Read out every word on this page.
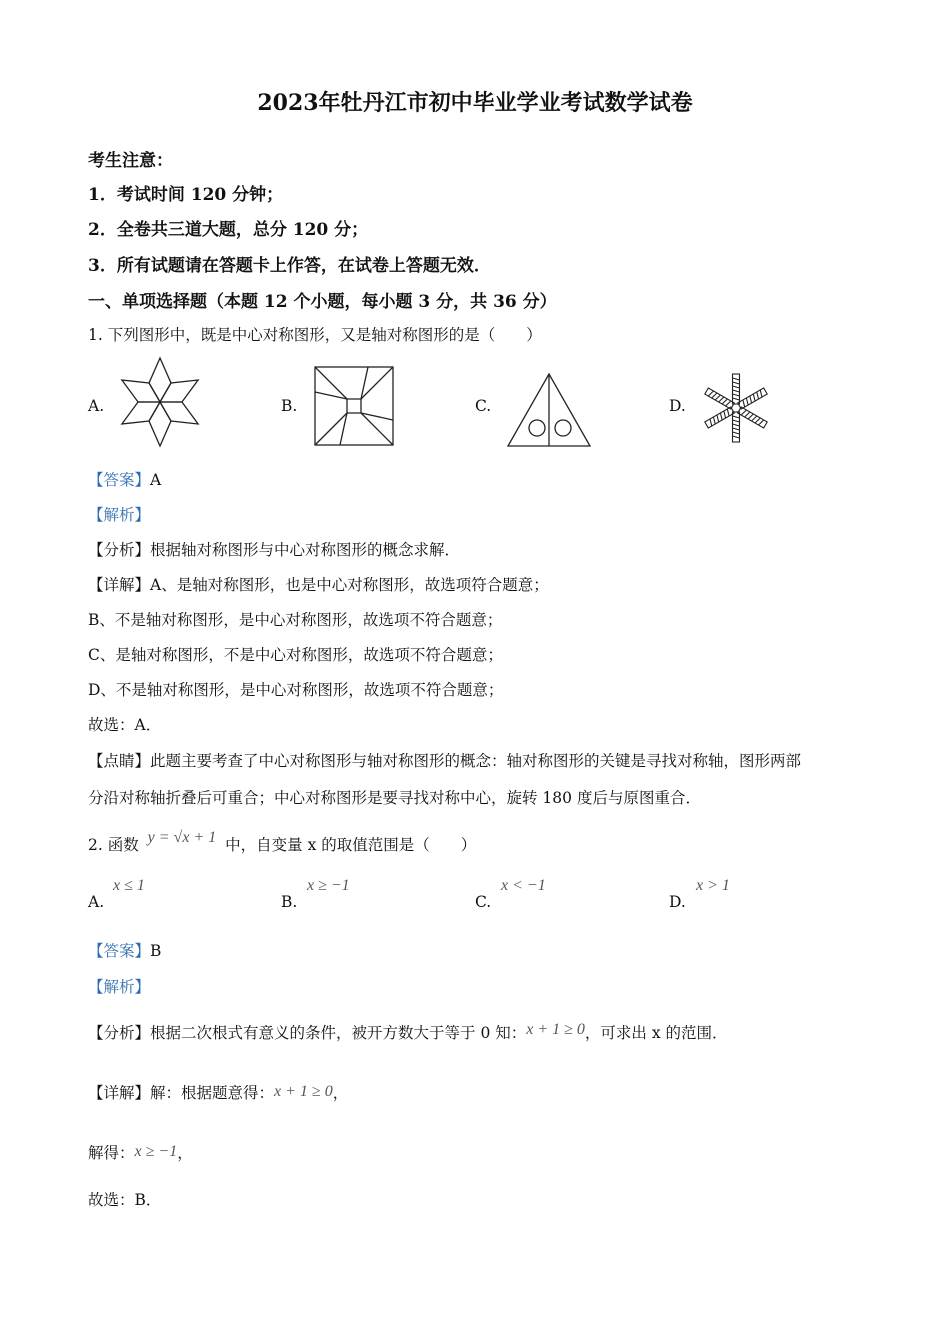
2023年牡丹江市初中毕业学业考试数学试卷
考生注意：
1．考试时间 120 分钟；
2．全卷共三道大题，总分 120 分；
3．所有试题请在答题卡上作答，在试卷上答题无效．
一、单项选择题（本题 12 个小题，每小题 3 分，共 36 分）
1. 下列图形中，既是中心对称图形，又是轴对称图形的是（　　）
A.	B.	C.	D.
【答案】A
【解析】
【分析】根据轴对称图形与中心对称图形的概念求解．
【详解】A、是轴对称图形，也是中心对称图形，故选项符合题意；
B、不是轴对称图形，是中心对称图形，故选项不符合题意；
C、是轴对称图形，不是中心对称图形，故选项不符合题意；
D、不是轴对称图形，是中心对称图形，故选项不符合题意；
故选：A．
【点睛】此题主要考查了中心对称图形与轴对称图形的概念：轴对称图形的关键是寻找对称轴，图形两部
分沿对称轴折叠后可重合；中心对称图形是要寻找对称中心，旋转 180 度后与原图重合．
2. 函数 y = √x + 1 中，自变量 x 的取值范围是（　　）
A.
x ≤ 1
B.
x ≥ −1
C.
x < −1
D.
x > 1
【答案】B
【解析】
【分析】根据二次根式有意义的条件，被开方数大于等于 0 知：x + 1 ≥ 0，可求出 x 的范围．
【详解】解：根据题意得：x + 1 ≥ 0，
解得：x ≥ −1，
故选：B．
